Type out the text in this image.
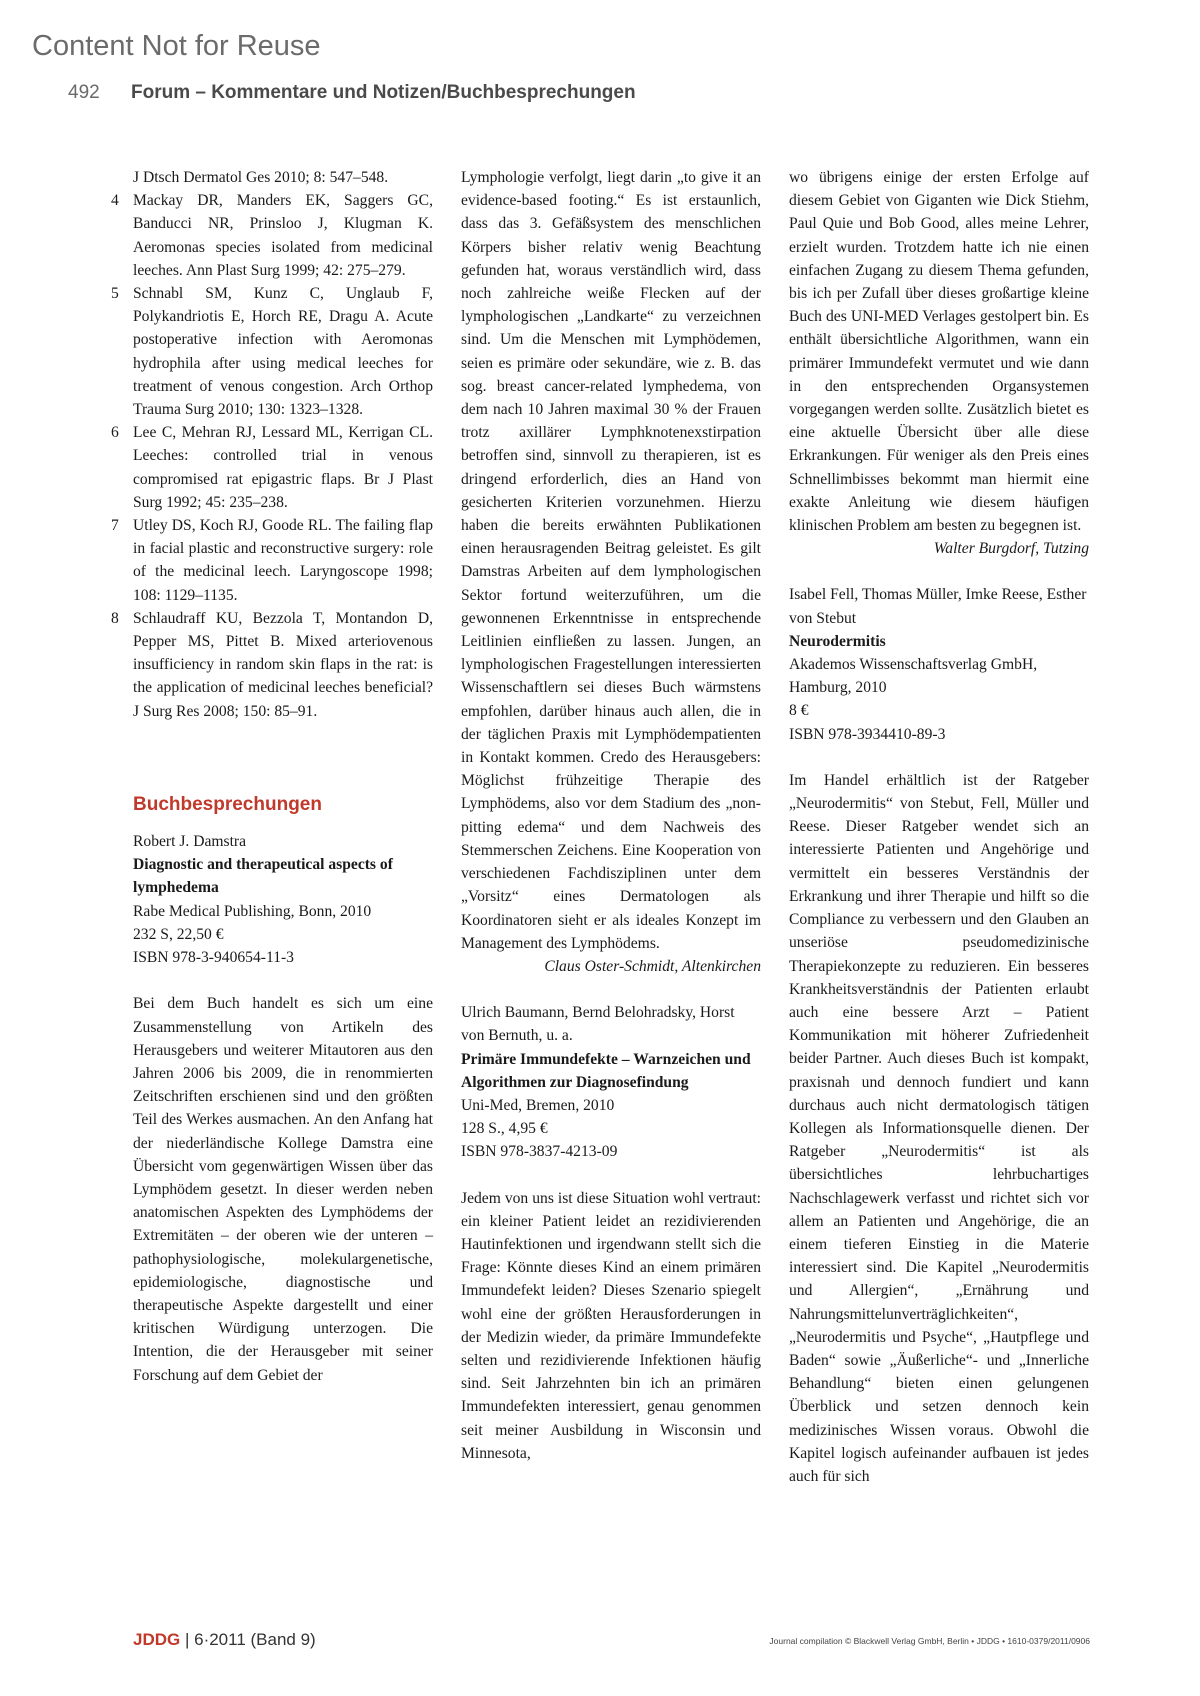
Content Not for Reuse
492 Forum – Kommentare und Notizen/Buchbesprechungen

J Dtsch Dermatol Ges 2010; 8: 547–548.

4 Mackay DR, Manders EK, Saggers GC, Banducci NR, Prinsloo J, Klugman K. Aeromonas species isolated from medicinal leeches. Ann Plast Surg 1999; 42: 275–279.
5 Schnabl SM, Kunz C, Unglaub F, Polykandriotis E, Horch RE, Dragu A. Acute postoperative infection with Aeromonas hydrophila after using medical leeches for treatment of venous congestion. Arch Orthop Trauma Surg 2010; 130: 1323–1328.
6 Lee C, Mehran RJ, Lessard ML, Kerrigan CL. Leeches: controlled trial in venous compromised rat epigastric flaps. Br J Plast Surg 1992; 45: 235–238.
7 Utley DS, Koch RJ, Goode RL. The failing flap in facial plastic and reconstructive surgery: role of the medicinal leech. Laryngoscope 1998; 108: 1129–1135.
8 Schlaudraff KU, Bezzola T, Montandon D, Pepper MS, Pittet B. Mixed arteriovenous insufficiency in random skin flaps in the rat: is the application of medicinal leeches beneficial? J Surg Res 2008; 150: 85–91.
Buchbesprechungen
Robert J. Damstra
Diagnostic and therapeutical aspects of lymphedema
Rabe Medical Publishing, Bonn, 2010
232 S, 22,50 €
ISBN 978-3-940654-11-3

Bei dem Buch handelt es sich um eine Zusammenstellung von Artikeln des Herausgebers und weiterer Mitautoren aus den Jahren 2006 bis 2009, die in renommierten Zeitschriften erschienen sind und den größten Teil des Werkes ausmachen. An den Anfang hat der niederländische Kollege Damstra eine Übersicht vom gegenwärtigen Wissen über das Lymphödem gesetzt. In dieser werden neben anatomischen Aspekten des Lymphödems der Extremitäten – der oberen wie der unteren – pathophysiologische, molekulargenetische, epidemiologische, diagnostische und therapeutische Aspekte dargestellt und einer kritischen Würdigung unterzogen. Die Intention, die der Herausgeber mit seiner Forschung auf dem Gebiet der

Lymphologie verfolgt, liegt darin „to give it an evidence-based footing.“ Es ist erstaunlich, dass das 3. Gefäßsystem des menschlichen Körpers bisher relativ wenig Beachtung gefunden hat, woraus verständlich wird, dass noch zahlreiche weiße Flecken auf der lymphologischen „Landkarte“ zu verzeichnen sind. Um die Menschen mit Lymphödemen, seien es primäre oder sekundäre, wie z. B. das sog. breast cancer-related lymphedema, von dem nach 10 Jahren maximal 30 % der Frauen trotz axillärer Lymphknotenexstirpation betroffen sind, sinnvoll zu therapieren, ist es dringend erforderlich, dies an Hand von gesicherten Kriterien vorzunehmen. Hierzu haben die bereits erwähnten Publikationen einen herausragenden Beitrag geleistet. Es gilt Damstras Arbeiten auf dem lymphologischen Sektor fortund weiterzuführen, um die gewonnenen Erkenntnisse in entsprechende Leitlinien einfließen zu lassen. Jungen, an lymphologischen Fragestellungen interessierten Wissenschaftlern sei dieses Buch wärmstens empfohlen, darüber hinaus auch allen, die in der täglichen Praxis mit Lymphödempatienten in Kontakt kommen. Credo des Herausgebers: Möglichst frühzeitige Therapie des Lymphödems, also vor dem Stadium des „non-pitting edema“ und dem Nachweis des Stemmerschen Zeichens. Eine Kooperation von verschiedenen Fachdisziplinen unter dem „Vorsitz“ eines Dermatologen als Koordinatoren sieht er als ideales Konzept im Management des Lymphödems.

Claus Oster-Schmidt, Altenkirchen

Ulrich Baumann, Bernd Belohradsky, Horst von Bernuth, u. a.
Primäre Immundefekte – Warnzeichen und Algorithmen zur Diagnosefindung
Uni-Med, Bremen, 2010
128 S., 4,95 €
ISBN 978-3837-4213-09

Jedem von uns ist diese Situation wohl vertraut: ein kleiner Patient leidet an rezidivierenden Hautinfektionen und irgendwann stellt sich die Frage: Könnte dieses Kind an einem primären Immundefekt leiden? Dieses Szenario spiegelt wohl eine der größten Herausforderungen in der Medizin wieder, da primäre Immundefekte selten und rezidivierende Infektionen häufig sind. Seit Jahrzehnten bin ich an primären Immundefekten interessiert, genau genommen seit meiner Ausbildung in Wisconsin und Minnesota,

wo übrigens einige der ersten Erfolge auf diesem Gebiet von Giganten wie Dick Stiehm, Paul Quie und Bob Good, alles meine Lehrer, erzielt wurden. Trotzdem hatte ich nie einen einfachen Zugang zu diesem Thema gefunden, bis ich per Zufall über dieses großartige kleine Buch des UNI-MED Verlages gestolpert bin. Es enthält übersichtliche Algorithmen, wann ein primärer Immundefekt vermutet und wie dann in den entsprechenden Organsystemen vorgegangen werden sollte. Zusätzlich bietet es eine aktuelle Übersicht über alle diese Erkrankungen. Für weniger als den Preis eines Schnellimbisses bekommt man hiermit eine exakte Anleitung wie diesem häufigen klinischen Problem am besten zu begegnen ist.

Walter Burgdorf, Tutzing

Isabel Fell, Thomas Müller, Imke Reese, Esther von Stebut
Neurodermitis
Akademos Wissenschaftsverlag GmbH, Hamburg, 2010
8 €
ISBN 978-3934410-89-3

Im Handel erhältlich ist der Ratgeber „Neurodermitis“ von Stebut, Fell, Müller und Reese. Dieser Ratgeber wendet sich an interessierte Patienten und Angehörige und vermittelt ein besseres Verständnis der Erkrankung und ihrer Therapie und hilft so die Compliance zu verbessern und den Glauben an unseriöse pseudomedizinische Therapiekonzepte zu reduzieren. Ein besseres Krankheitsverständnis der Patienten erlaubt auch eine bessere Arzt – Patient Kommunikation mit höherer Zufriedenheit beider Partner. Auch dieses Buch ist kompakt, praxisnah und dennoch fundiert und kann durchaus auch nicht dermatologisch tätigen Kollegen als Informationsquelle dienen. Der Ratgeber „Neurodermitis“ ist als übersichtliches lehrbuchartiges Nachschlagewerk verfasst und richtet sich vor allem an Patienten und Angehörige, die an einem tieferen Einstieg in die Materie interessiert sind. Die Kapitel „Neurodermitis und Allergien“, „Ernährung und Nahrungsmittelunverträglichkeiten“, „Neurodermitis und Psyche“, „Hautpflege und Baden“ sowie „Äußerliche“- und „Innerliche Behandlung“ bieten einen gelungenen Überblick und setzen dennoch kein medizinisches Wissen voraus. Obwohl die Kapitel logisch aufeinander aufbauen ist jedes auch für sich

JDDG | 6·2011 (Band 9)	Journal compilation © Blackwell Verlag GmbH, Berlin • JDDG • 1610-0379/2011/0906
